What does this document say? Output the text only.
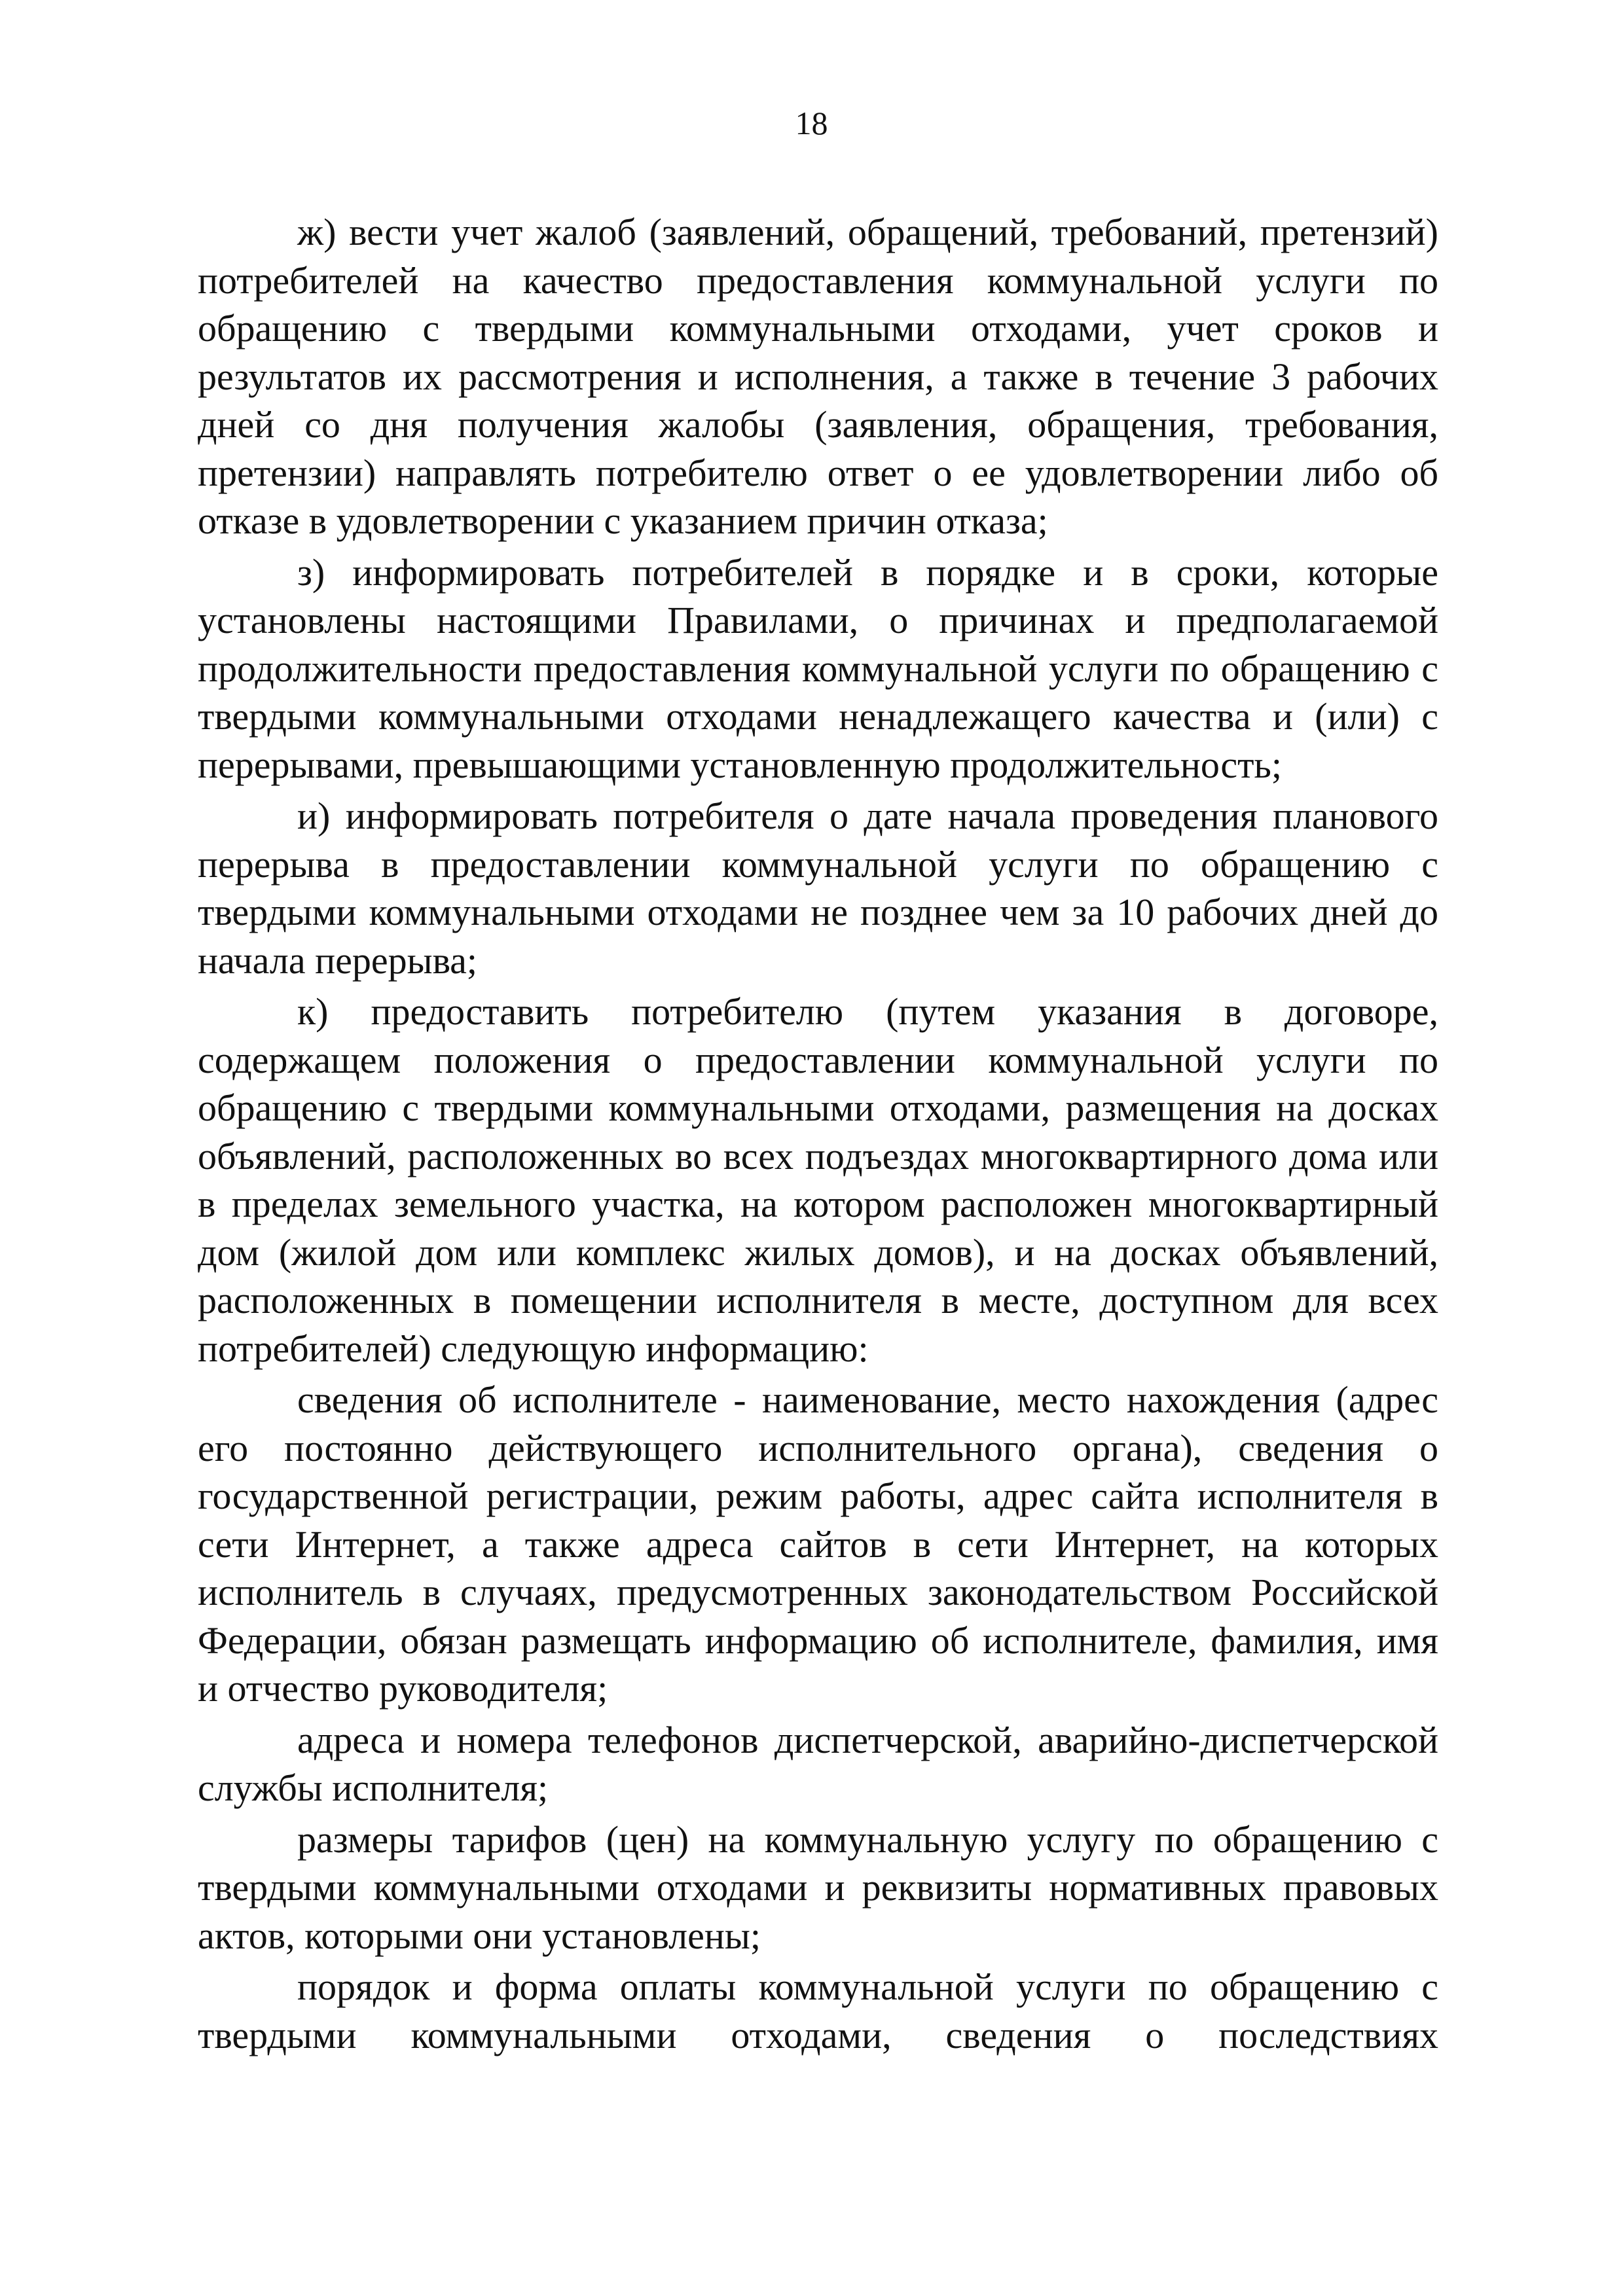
18

ж) вести учет жалоб (заявлений, обращений, требований, претензий) потребителей на качество предоставления коммунальной услуги по обращению с твердыми коммунальными отходами, учет сроков и результатов их рассмотрения и исполнения, а также в течение 3 рабочих дней со дня получения жалобы (заявления, обращения, требования, претензии) направлять потребителю ответ о ее удовлетворении либо об отказе в удовлетворении с указанием причин отказа;

з) информировать потребителей в порядке и в сроки, которые установлены настоящими Правилами, о причинах и предполагаемой продолжительности предоставления коммунальной услуги по обращению с твердыми коммунальными отходами ненадлежащего качества и (или) с перерывами, превышающими установленную продолжительность;

и) информировать потребителя о дате начала проведения планового перерыва в предоставлении коммунальной услуги по обращению с твердыми коммунальными отходами не позднее чем за 10 рабочих дней до начала перерыва;

к) предоставить потребителю (путем указания в договоре, содержащем положения о предоставлении коммунальной услуги по обращению с твердыми коммунальными отходами, размещения на досках объявлений, расположенных во всех подъездах многоквартирного дома или в пределах земельного участка, на котором расположен многоквартирный дом (жилой дом или комплекс жилых домов), и на досках объявлений, расположенных в помещении исполнителя в месте, доступном для всех потребителей) следующую информацию:

сведения об исполнителе - наименование, место нахождения (адрес его постоянно действующего исполнительного органа), сведения о государственной регистрации, режим работы, адрес сайта исполнителя в сети Интернет, а также адреса сайтов в сети Интернет, на которых исполнитель в случаях, предусмотренных законодательством Российской Федерации, обязан размещать информацию об исполнителе, фамилия, имя и отчество руководителя;

адреса и номера телефонов диспетчерской, аварийно-диспетчерской службы исполнителя;

размеры тарифов (цен) на коммунальную услугу по обращению с твердыми коммунальными отходами и реквизиты нормативных правовых актов, которыми они установлены;

порядок и форма оплаты коммунальной услуги по обращению с твердыми коммунальными отходами, сведения о последствиях
